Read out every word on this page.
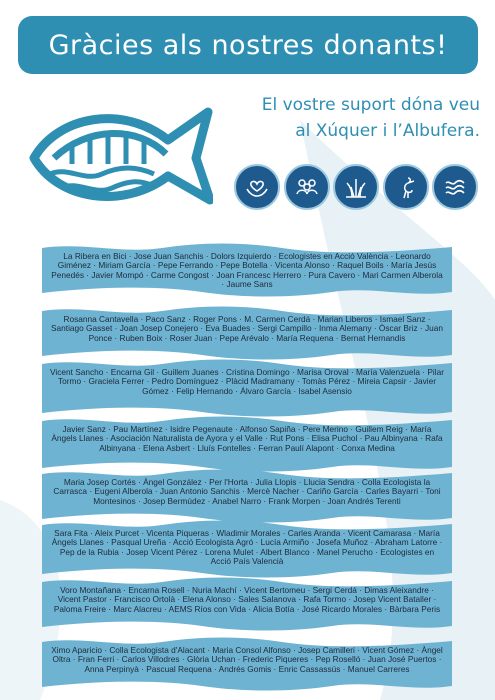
Gràcies als nostres donants!
El vostre suport dóna veu
al Xúquer i l’Albufera.
La Ribera en Bici · Jose Juan Sanchis · Dolors Izquierdo · Ecologistes en Acció València · Leonardo Giménez · Miriam García · Pepe Ferrando · Pepe Botella · Vicenta Alonso · Raquel Boils · María Jesús Penedés · Javier Mompó · Carme Congost · Joan Francesc Herrero · Pura Cavero · Mari Carmen Alberola · Jaume Sans
Rosanna Cantavella · Paco Sanz · Roger Pons · M. Carmen Cerdá · Marian Liberos · Ismael Sanz · Santiago Gasset · Joan Josep Conejero · Eva Buades · Sergi Campillo · Inma Alemany · Òscar Briz · Juan Ponce · Ruben Boix · Roser Juan · Pepe Arévalo · María Requena · Bernat Hernandis
Vicent Sancho · Encarna Gil · Guillem Juanes · Cristina Domingo · Marisa Oroval · María Valenzuela · Pilar Tormo · Graciela Ferrer · Pedro Domínguez · Plàcid Madramany · Tomàs Pérez · Mireia Capsir · Javier Gómez · Felip Hernando · Álvaro García · Isabel Asensio
Javier Sanz · Pau Martínez · Isidre Pegenaute · Alfonso Sapiña · Pere Merino · Guillem Reig · María Àngels Llanes · Asociación Naturalista de Ayora y el Valle · Rut Pons · Elisa Puchol · Pau Albinyana · Rafa Albinyana · Elena Asbert · Lluís Fontelles · Ferran Paulí Alapont · Conxa Medina
Maria Josep Cortés · Àngel González · Per l'Horta · Julia Llopis · Llucia Sendra · Colla Ecologista la Carrasca · Eugeni Alberola · Juan Antonio Sanchis · Mercè Nacher · Cariño García · Carles Bayarri · Toni Montesinos · Josep Bermúdez · Anabel Narro · Frank Morpen · Joan Andrés Terenti
Sara Fita · Aleix Purcet · Vicenta Piqueras · Wladimir Morales · Carles Aranda · Vicent Camarasa · María Àngels Llanes · Pasqual Ureña · Acció Ecologista Agró · Lucía Armiño · Josefa Muñoz · Abraham Latorre · Pep de la Rubia · Josep Vicent Pérez · Lorena Mulet · Albert Blanco · Manel Perucho · Ecologistes en Acció País Valencià
Voro Montañana · Encarna Rosell · Nuria Machí · Vicent Bertomeu · Sergi Cerdá · Dimas Aleixandre · Vicent Pastor · Francisco Ortolà · Elena Alonso · Sales Salanova · Rafa Tormo · Josep Vicent Bataller · Paloma Freire · Marc Alacreu · AEMS Ríos con Vida · Alicia Botía · José Ricardo Morales · Bàrbara Peris
Ximo Aparicio · Colla Ecologista d'Alacant · Maria Consol Alfonso · Josep Camilleri · Vicent Gómez · Àngel Oltra · Fran Ferri · Carlos Villodres · Glòria Uchan · Frederic Piqueres · Pep Roselló · Juan José Puertos · Anna Perpinyà · Pascual Requena · Andrés Gomis · Enric Cassassús · Manuel Carreres
